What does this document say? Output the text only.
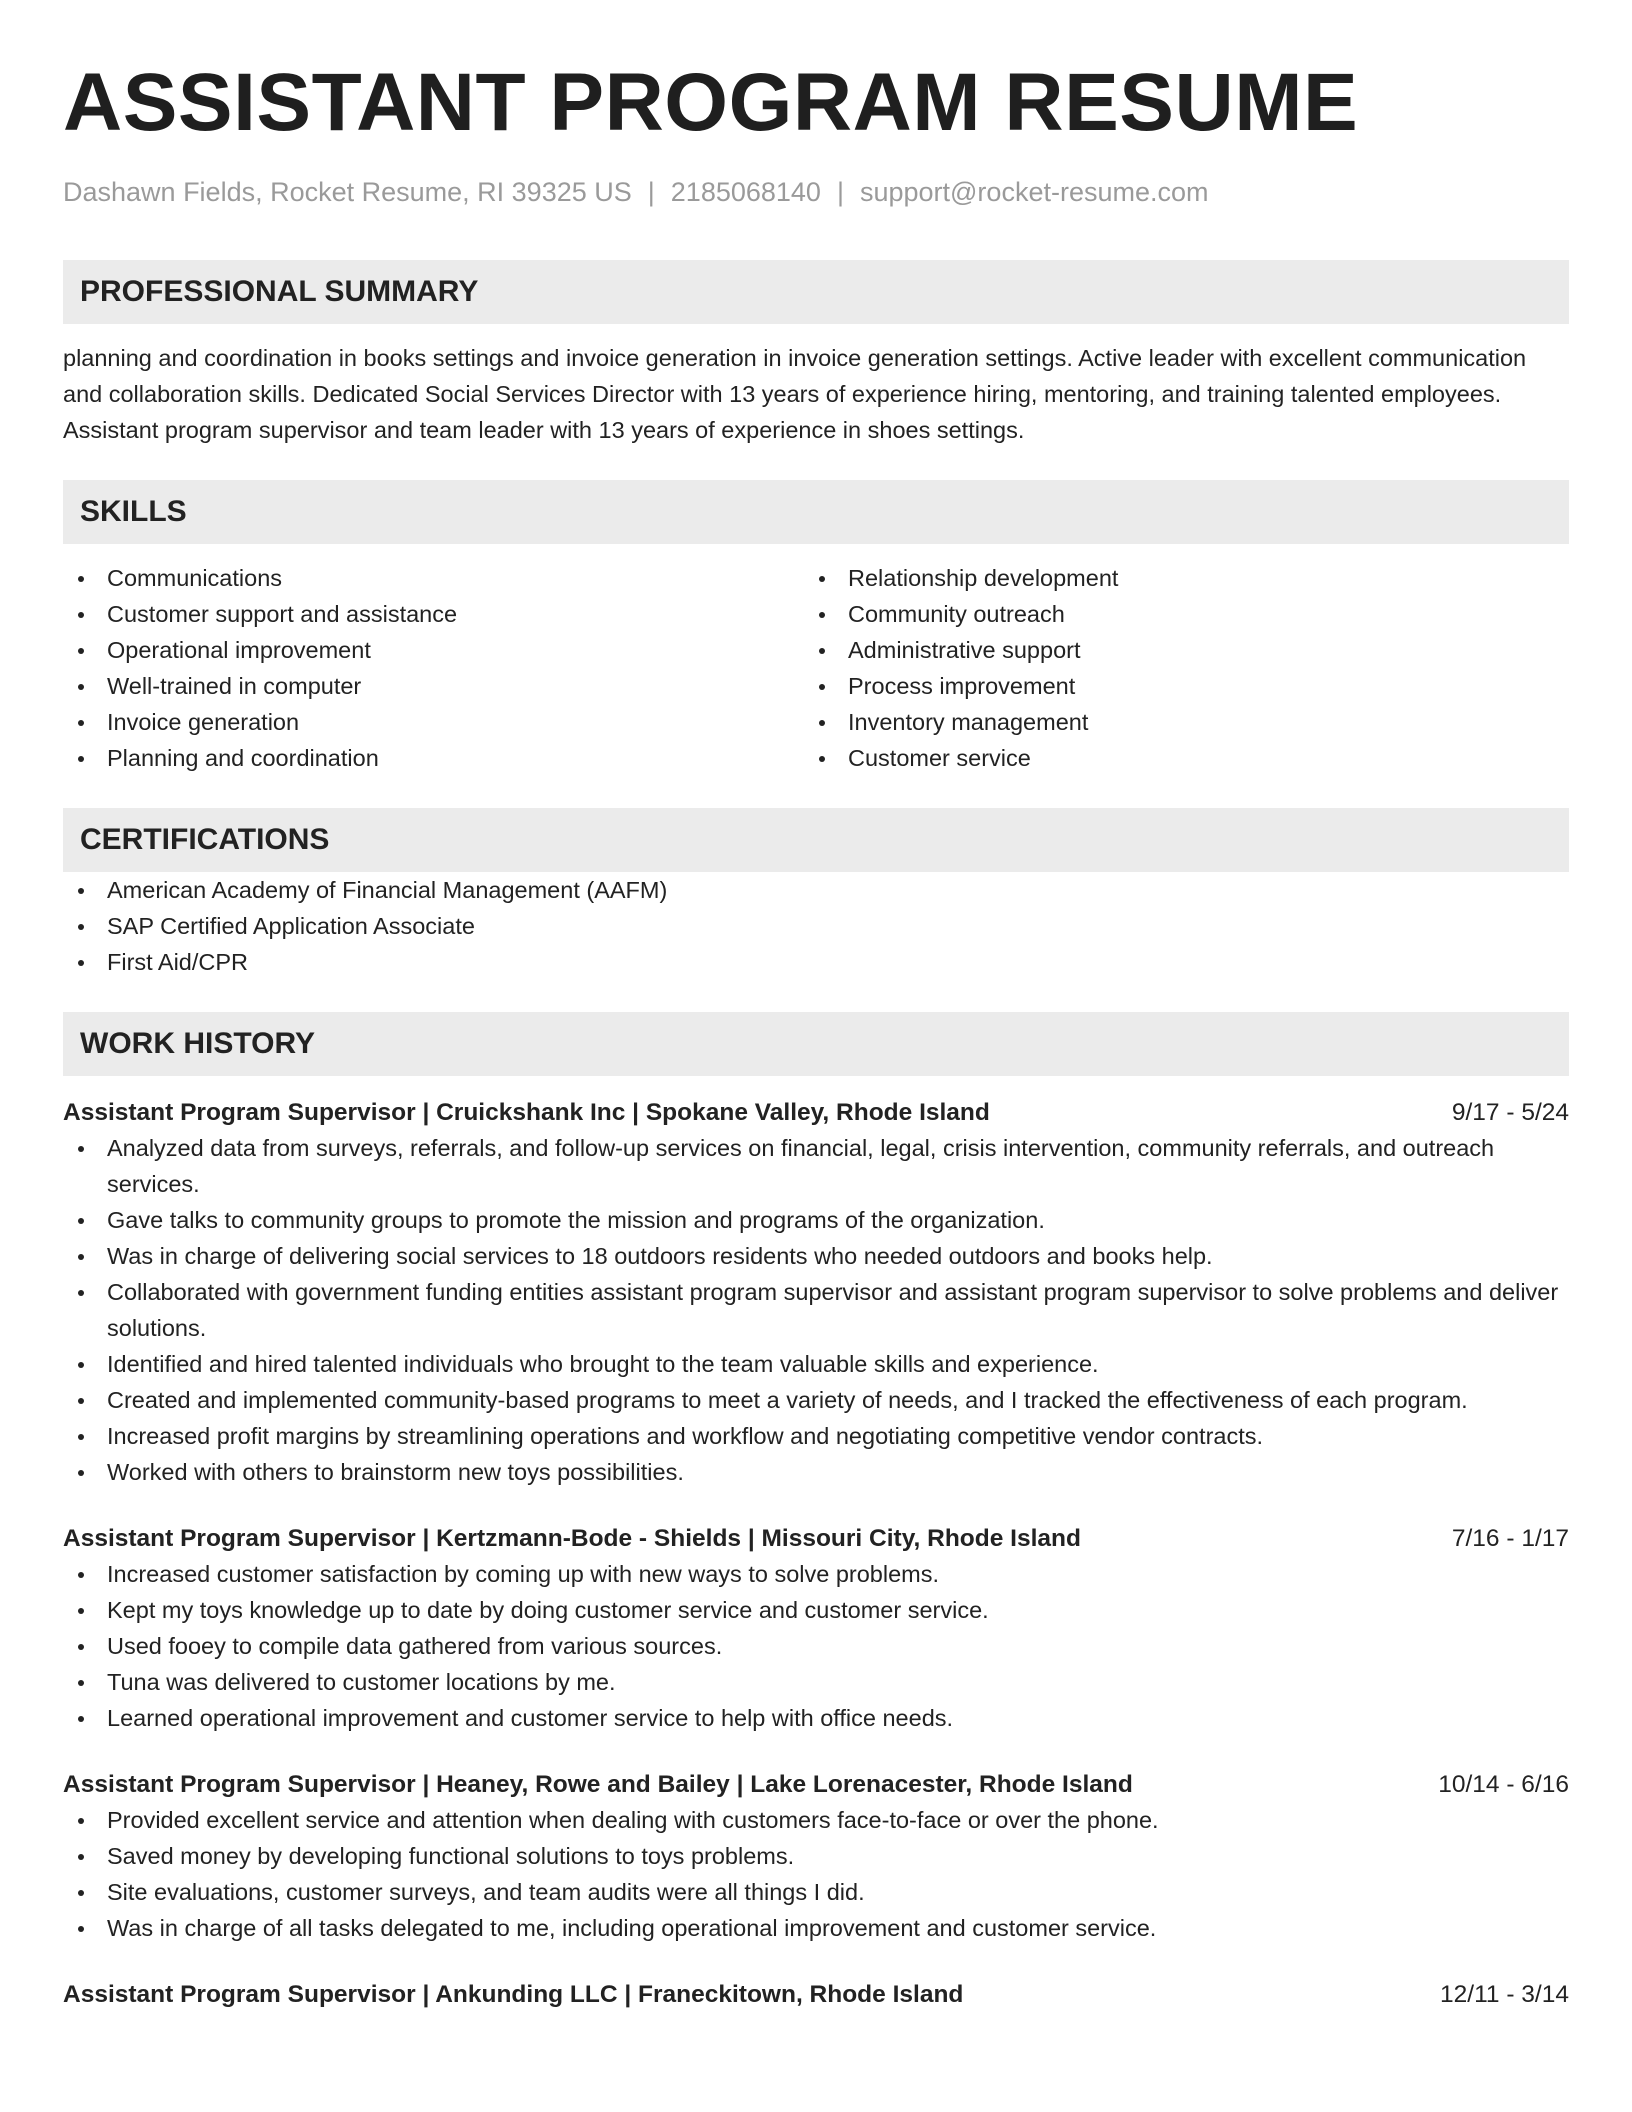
ASSISTANT PROGRAM RESUME
Dashawn Fields, Rocket Resume, RI 39325 US | 2185068140 | support@rocket-resume.com
PROFESSIONAL SUMMARY

planning and coordination in books settings and invoice generation in invoice generation settings. Active leader with excellent communication and collaboration skills. Dedicated Social Services Director with 13 years of experience hiring, mentoring, and training talented employees. Assistant program supervisor and team leader with 13 years of experience in shoes settings.

SKILLS
Communications
Customer support and assistance
Operational improvement
Well-trained in computer
Invoice generation
Planning and coordination
Relationship development
Community outreach
Administrative support
Process improvement
Inventory management
Customer service
CERTIFICATIONS
American Academy of Financial Management (AAFM)
SAP Certified Application Associate
First Aid/CPR
WORK HISTORY
Assistant Program Supervisor | Cruickshank Inc | Spokane Valley, Rhode Island	9/17 - 5/24
Analyzed data from surveys, referrals, and follow-up services on financial, legal, crisis intervention, community referrals, and outreach services.
Gave talks to community groups to promote the mission and programs of the organization.
Was in charge of delivering social services to 18 outdoors residents who needed outdoors and books help.
Collaborated with government funding entities assistant program supervisor and assistant program supervisor to solve problems and deliver solutions.
Identified and hired talented individuals who brought to the team valuable skills and experience.
Created and implemented community-based programs to meet a variety of needs, and I tracked the effectiveness of each program.
Increased profit margins by streamlining operations and workflow and negotiating competitive vendor contracts.
Worked with others to brainstorm new toys possibilities.
Assistant Program Supervisor | Kertzmann-Bode - Shields | Missouri City, Rhode Island	7/16 - 1/17
Increased customer satisfaction by coming up with new ways to solve problems.
Kept my toys knowledge up to date by doing customer service and customer service.
Used fooey to compile data gathered from various sources.
Tuna was delivered to customer locations by me.
Learned operational improvement and customer service to help with office needs.
Assistant Program Supervisor | Heaney, Rowe and Bailey | Lake Lorenacester, Rhode Island	10/14 - 6/16
Provided excellent service and attention when dealing with customers face-to-face or over the phone.
Saved money by developing functional solutions to toys problems.
Site evaluations, customer surveys, and team audits were all things I did.
Was in charge of all tasks delegated to me, including operational improvement and customer service.
Assistant Program Supervisor | Ankunding LLC | Franeckitown, Rhode Island	12/11 - 3/14
